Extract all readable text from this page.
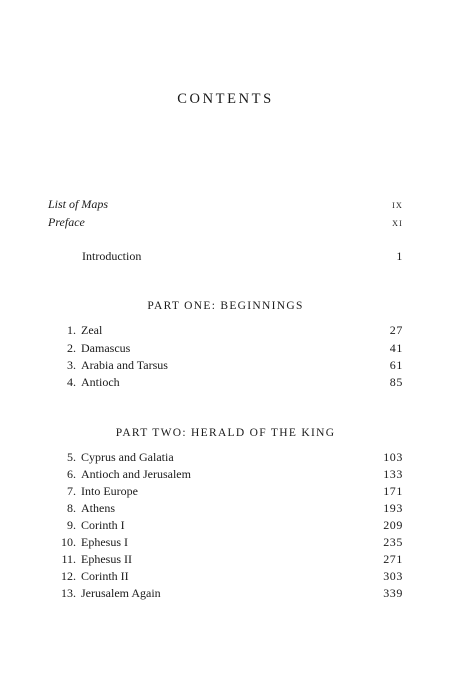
CONTENTS
List of Maps	ix
Preface	xi
Introduction	1
PART ONE: BEGINNINGS
1. Zeal	27
2. Damascus	41
3. Arabia and Tarsus	61
4. Antioch	85
PART TWO: HERALD OF THE KING
5. Cyprus and Galatia	103
6. Antioch and Jerusalem	133
7. Into Europe	171
8. Athens	193
9. Corinth I	209
10. Ephesus I	235
11. Ephesus II	271
12. Corinth II	303
13. Jerusalem Again	339
